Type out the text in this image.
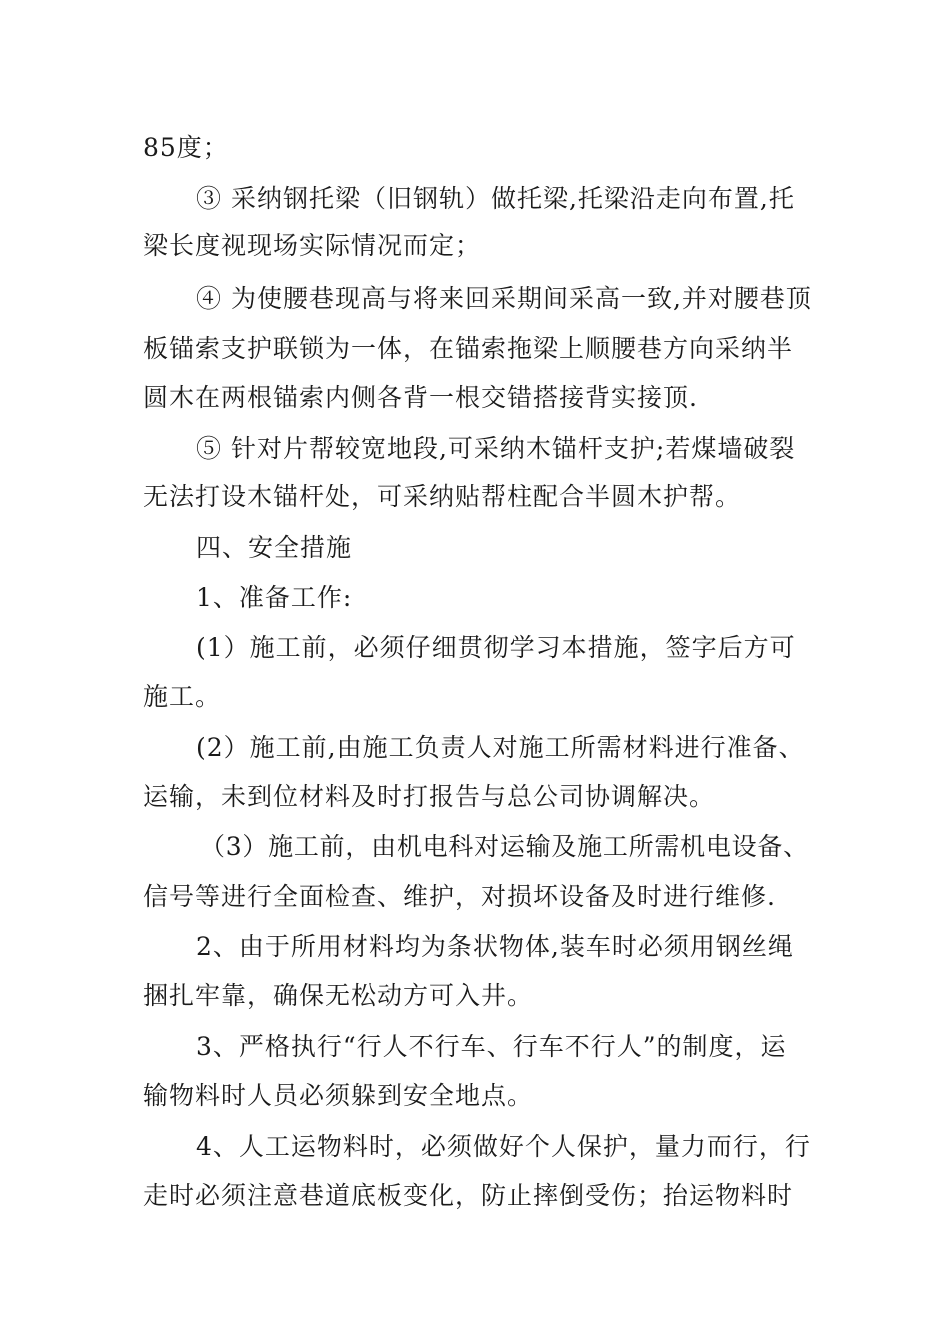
85度；
③ 采纳钢托梁（旧钢轨）做托梁,托梁沿走向布置,托
梁长度视现场实际情况而定；
④ 为使腰巷现高与将来回采期间采高一致,并对腰巷顶
板锚索支护联锁为一体，在锚索拖梁上顺腰巷方向采纳半
圆木在两根锚索内侧各背一根交错搭接背实接顶.
⑤ 针对片帮较宽地段,可采纳木锚杆支护;若煤墙破裂
无法打设木锚杆处，可采纳贴帮柱配合半圆木护帮。
四、安全措施
1、准备工作:
(1）施工前，必须仔细贯彻学习本措施，签字后方可
施工。
(2）施工前,由施工负责人对施工所需材料进行准备、
运输，未到位材料及时打报告与总公司协调解决。
（3）施工前，由机电科对运输及施工所需机电设备、
信号等进行全面检查、维护，对损坏设备及时进行维修.
2、由于所用材料均为条状物体,装车时必须用钢丝绳
捆扎牢靠，确保无松动方可入井。
3、严格执行“行人不行车、行车不行人”的制度，运
输物料时人员必须躲到安全地点。
4、人工运物料时，必须做好个人保护，量力而行，行
走时必须注意巷道底板变化，防止摔倒受伤；抬运物料时
